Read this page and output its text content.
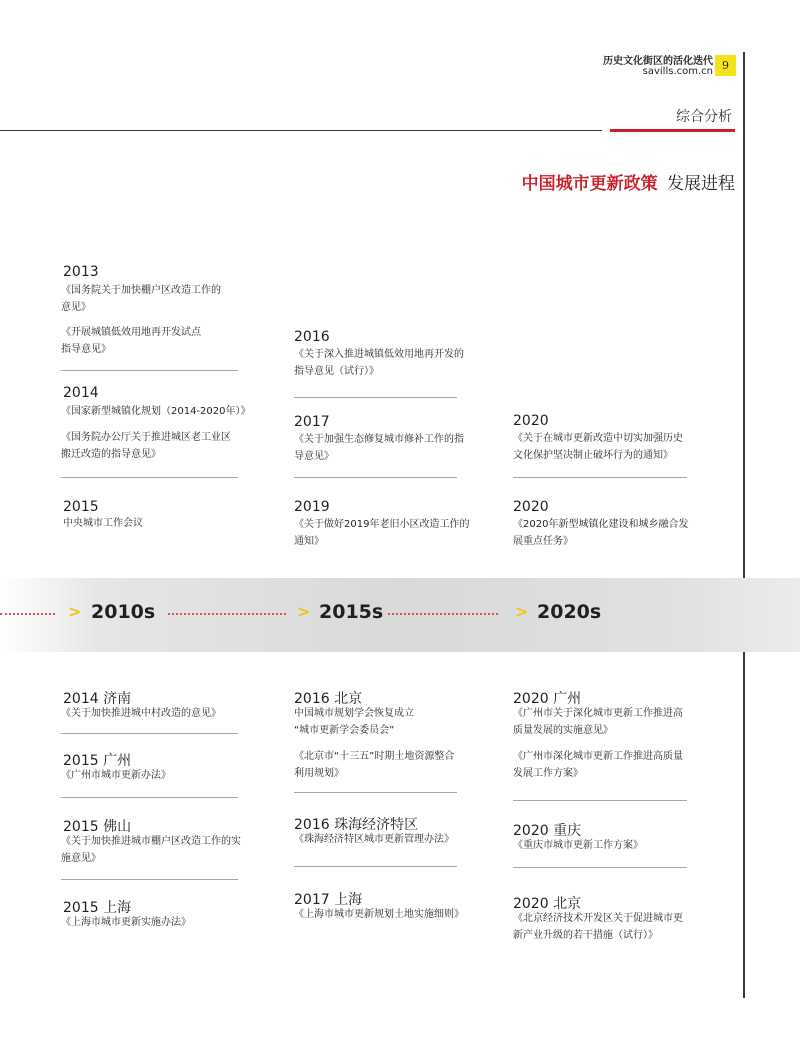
历史文化街区的活化迭代
savills.com.cn 9
综合分析
中国城市更新政策 发展进程
2013
《国务院关于加快棚户区改造工作的
意见》
《开展城镇低效用地再开发试点
指导意见》
2014
《国家新型城镇化规划（2014-2020年）》
《国务院办公厅关于推进城区老工业区
搬迁改造的指导意见》
2015
中央城市工作会议
2016
《关于深入推进城镇低效用地再开发的
指导意见（试行）》
2017
《关于加强生态修复城市修补工作的指
导意见》
2019
《关于做好2019年老旧小区改造工作的
通知》
2020
《关于在城市更新改造中切实加强历史
文化保护坚决制止破坏行为的通知》
2020
《2020年新型城镇化建设和城乡融合发
展重点任务》
> 2010s	> 2015s	> 2020s
2014 济南
《关于加快推进城中村改造的意见》
2015 广州
《广州市城市更新办法》
2015 佛山
《关于加快推进城市棚户区改造工作的实
施意见》
2015 上海
《上海市城市更新实施办法》
2016 北京
中国城市规划学会恢复成立
“城市更新学会委员会”
《北京市“十三五”时期土地资源整合
利用规划》
2016 珠海经济特区
《珠海经济特区城市更新管理办法》
2017 上海
《上海市城市更新规划土地实施细则》
2020 广州
《广州市关于深化城市更新工作推进高
质量发展的实施意见》
《广州市深化城市更新工作推进高质量
发展工作方案》
2020 重庆
《重庆市城市更新工作方案》
2020 北京
《北京经济技术开发区关于促进城市更
新产业升级的若干措施（试行）》
